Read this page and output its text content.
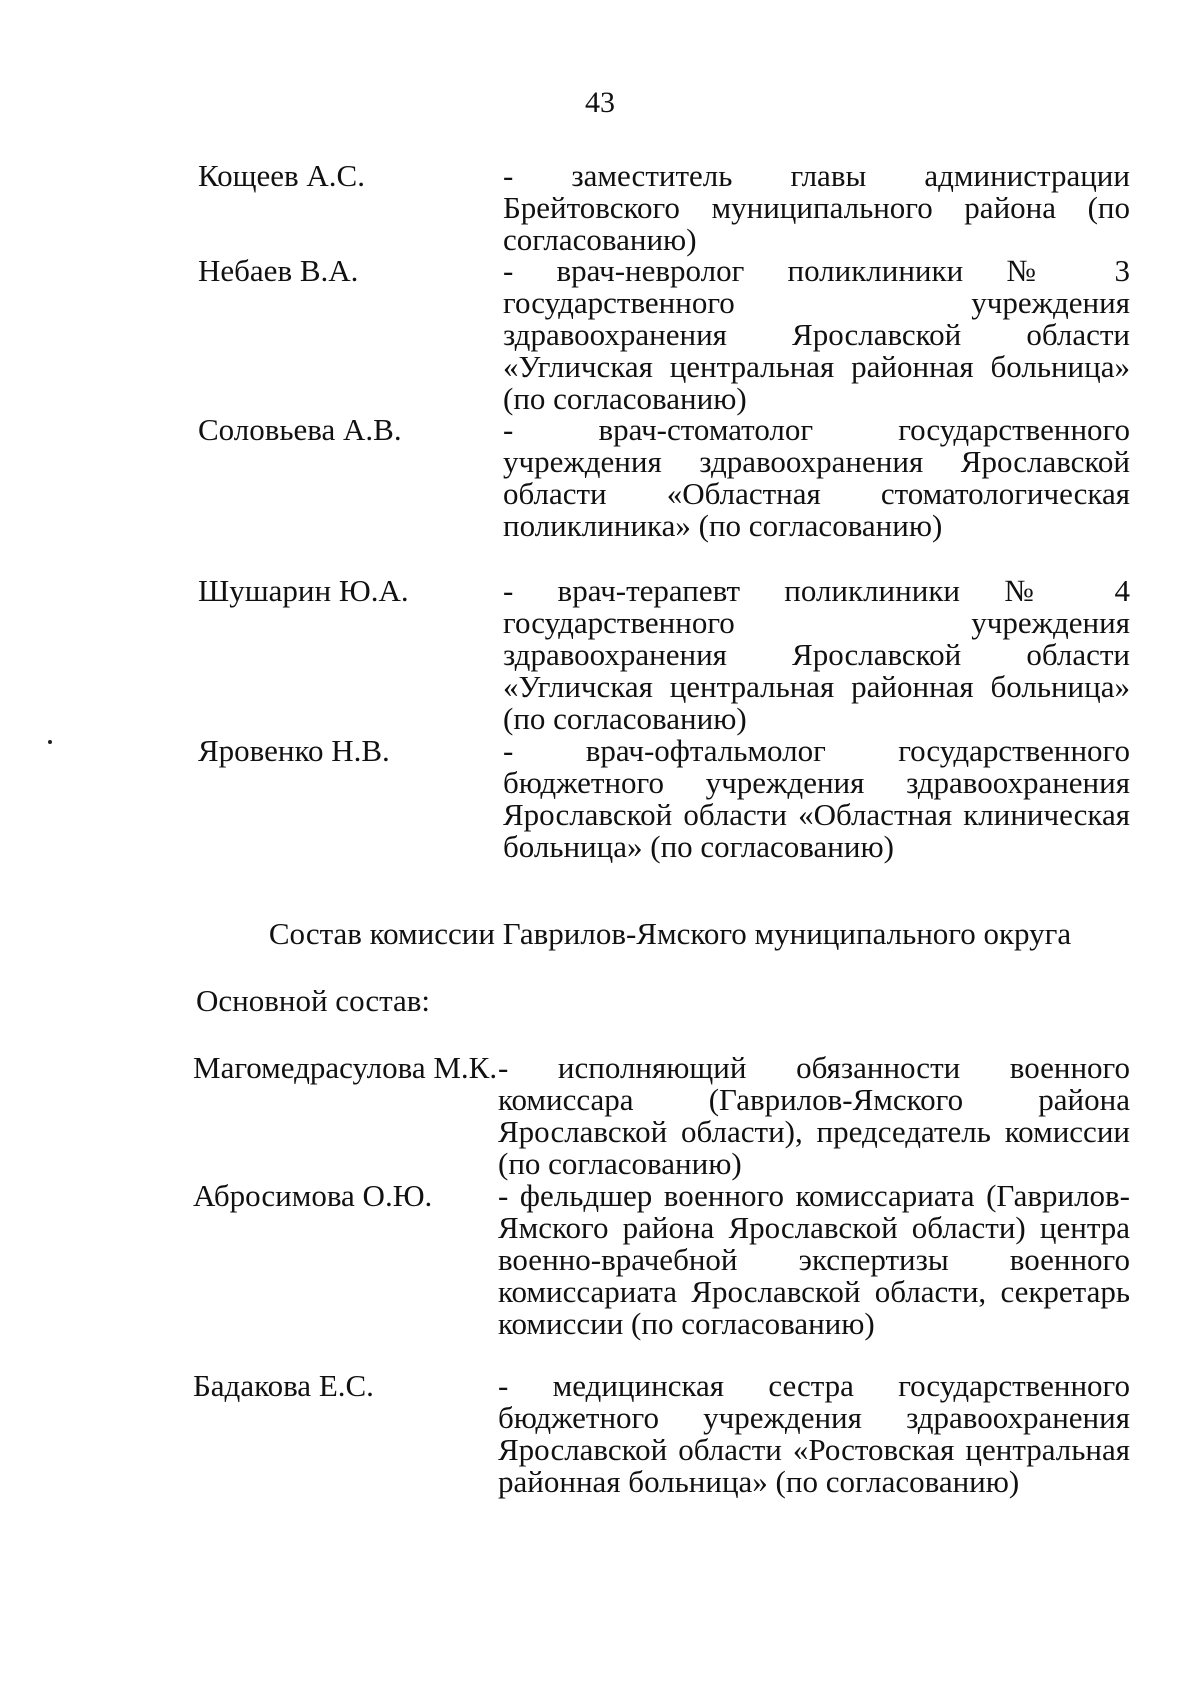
43
Кощеев А.С.	- заместитель главы администрации Брейтовского муниципального района (по согласованию)
Небаев В.А.	- врач-невролог поликлиники № 3 государственного учреждения здравоохранения Ярославской области «Угличская центральная районная больница» (по согласованию)
Соловьева А.В.	- врач-стоматолог государственного учреждения здравоохранения Ярославской области «Областная стоматологическая поликлиника» (по согласованию)
Шушарин Ю.А.	- врач-терапевт поликлиники № 4 государственного учреждения здравоохранения Ярославской области «Угличская центральная районная больница» (по согласованию)
Яровенко Н.В.	- врач-офтальмолог государственного бюджетного учреждения здравоохранения Ярославской области «Областная клиническая больница» (по согласованию)
Состав комиссии Гаврилов-Ямского муниципального округа
Основной состав:
Магомедрасулова М.К. - исполняющий обязанности военного комиссара (Гаврилов-Ямского района Ярославской области), председатель комиссии (по согласованию)
Абросимова О.Ю. - фельдшер военного комиссариата (Гаврилов-Ямского района Ярославской области) центра военно-врачебной экспертизы военного комиссариата Ярославской области, секретарь комиссии (по согласованию)
Бадакова Е.С.	- медицинская сестра государственного бюджетного учреждения здравоохранения Ярославской области «Ростовская центральная районная больница» (по согласованию)
